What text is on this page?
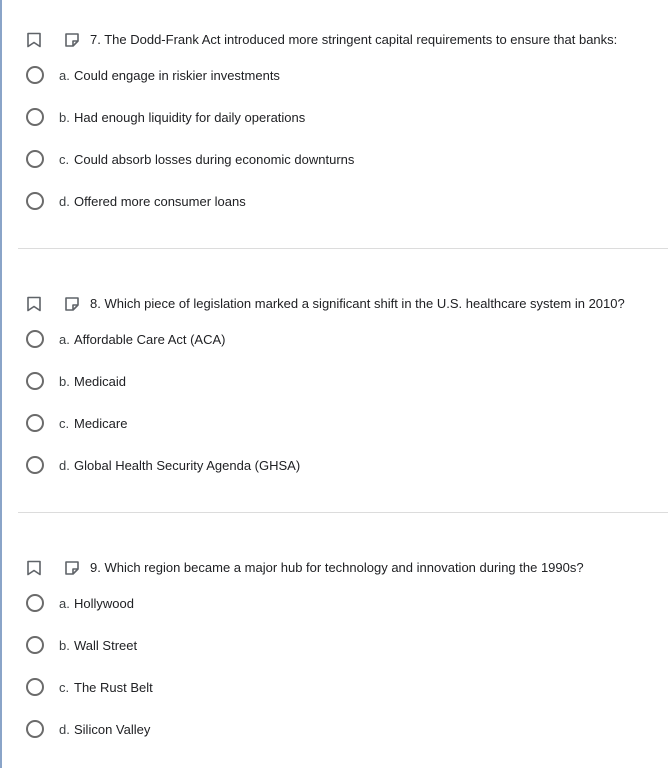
7. The Dodd-Frank Act introduced more stringent capital requirements to ensure that banks:
a. Could engage in riskier investments
b. Had enough liquidity for daily operations
c. Could absorb losses during economic downturns
d. Offered more consumer loans
8. Which piece of legislation marked a significant shift in the U.S. healthcare system in 2010?
a. Affordable Care Act (ACA)
b. Medicaid
c. Medicare
d. Global Health Security Agenda (GHSA)
9. Which region became a major hub for technology and innovation during the 1990s?
a. Hollywood
b. Wall Street
c. The Rust Belt
d. Silicon Valley
